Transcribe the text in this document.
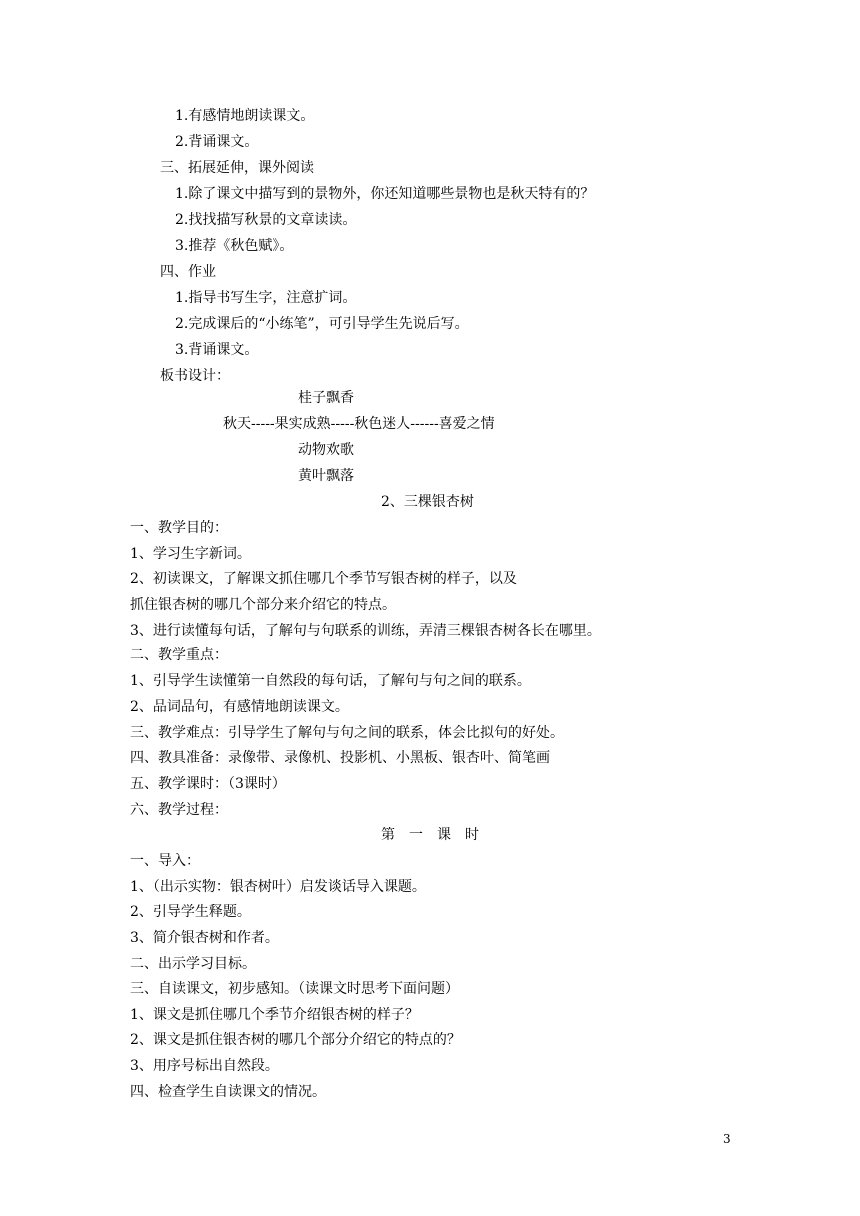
1.有感情地朗读课文。
2.背诵课文。
三、拓展延伸，课外阅读
1.除了课文中描写到的景物外，你还知道哪些景物也是秋天特有的？
2.找找描写秋景的文章读读。
3.推荐《秋色赋》。
四、作业
1.指导书写生字，注意扩词。
2.完成课后的“小练笔”，可引导学生先说后写。
3.背诵课文。
板书设计：
桂子飘香
秋天-----果实成熟-----秋色迷人------喜爱之情
动物欢歌
黄叶飘落
2、三棵银杏树
一、教学目的：
1、学习生字新词。
2、初读课文，了解课文抓住哪几个季节写银杏树的样子，以及
抓住银杏树的哪几个部分来介绍它的特点。
3、进行读懂每句话，了解句与句联系的训练，弄清三棵银杏树各长在哪里。
二、教学重点：
1、引导学生读懂第一自然段的每句话，了解句与句之间的联系。
2、品词品句，有感情地朗读课文。
三、教学难点：引导学生了解句与句之间的联系，体会比拟句的好处。
四、教具准备：录像带、录像机、投影机、小黑板、银杏叶、简笔画
五、教学课时：（3课时）
六、教学过程：
第　一　课　时
一、导入：
1、（出示实物：银杏树叶）启发谈话导入课题。
2、引导学生释题。
3、简介银杏树和作者。
二、出示学习目标。
三、自读课文，初步感知。（读课文时思考下面问题）
1、课文是抓住哪几个季节介绍银杏树的样子？
2、课文是抓住银杏树的哪几个部分介绍它的特点的？
3、用序号标出自然段。
四、检查学生自读课文的情况。
3
